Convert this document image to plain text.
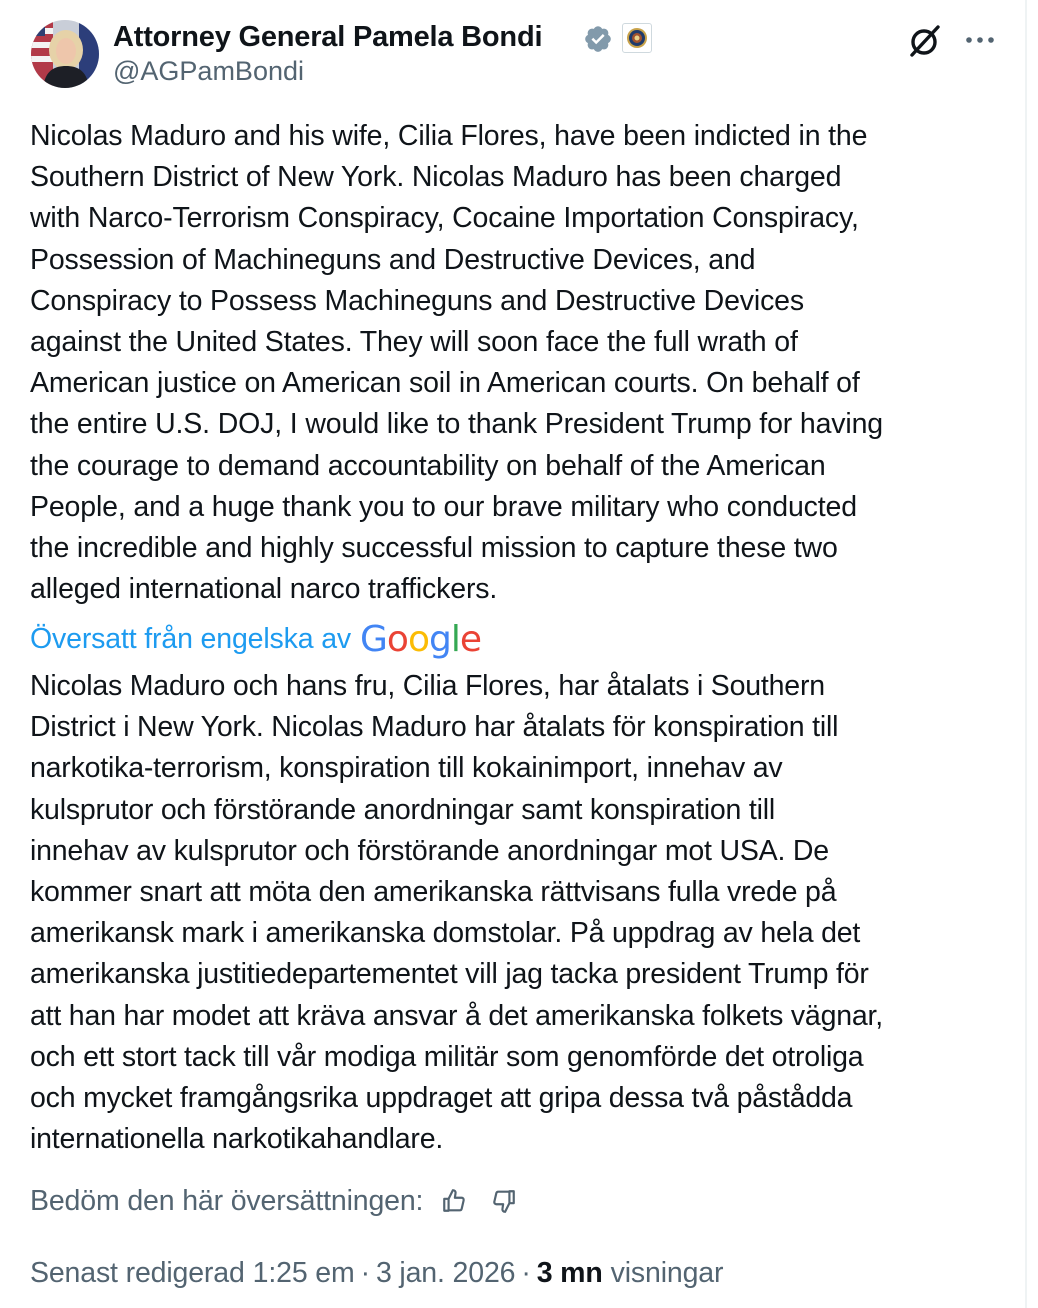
Attorney General Pamela Bondi
@AGPamBondi

Nicolas Maduro and his wife, Cilia Flores, have been indicted in the
Southern District of New York. Nicolas Maduro has been charged
with Narco-Terrorism Conspiracy, Cocaine Importation Conspiracy,
Possession of Machineguns and Destructive Devices, and
Conspiracy to Possess Machineguns and Destructive Devices
against the United States. They will soon face the full wrath of
American justice on American soil in American courts. On behalf of
the entire U.S. DOJ, I would like to thank President Trump for having
the courage to demand accountability on behalf of the American
People, and a huge thank you to our brave military who conducted
the incredible and highly successful mission to capture these two
alleged international narco traffickers.

Översatt från engelska av Google

Nicolas Maduro och hans fru, Cilia Flores, har åtalats i Southern
District i New York. Nicolas Maduro har åtalats för konspiration till
narkotika-terrorism, konspiration till kokainimport, innehav av
kulsprutor och förstörande anordningar samt konspiration till
innehav av kulsprutor och förstörande anordningar mot USA. De
kommer snart att möta den amerikanska rättvisans fulla vrede på
amerikansk mark i amerikanska domstolar. På uppdrag av hela det
amerikanska justitiedepartementet vill jag tacka president Trump för
att han har modet att kräva ansvar å det amerikanska folkets vägnar,
och ett stort tack till vår modiga militär som genomförde det otroliga
och mycket framgångsrika uppdraget att gripa dessa två påstådda
internationella narkotikahandlare.

Bedöm den här översättningen:
Senast redigerad 1:25 em · 3 jan. 2026 · 3 mn visningar
